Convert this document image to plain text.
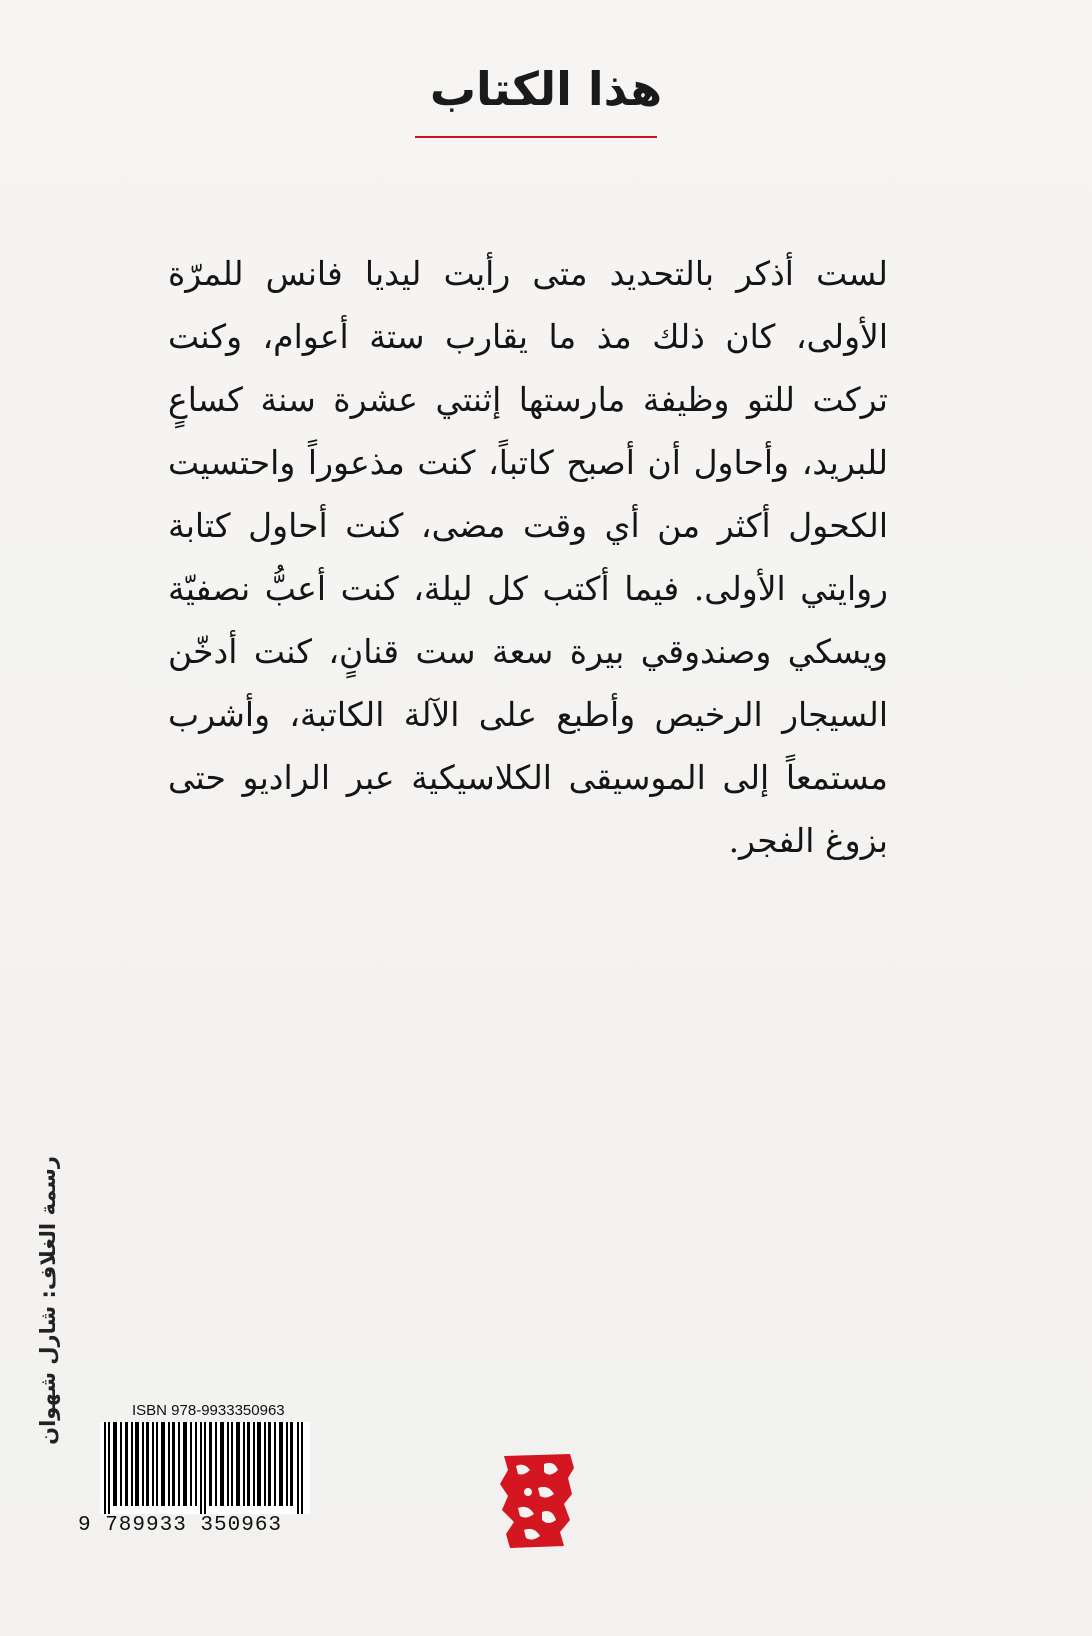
هذا الكتاب
لست أذكر بالتحديد متى رأيت ليديا فانس للمرّة الأولى، كان ذلك مذ ما يقارب ستة أعوام، وكنت تركت للتو وظيفة مارستها إثنتي عشرة سنة كساعٍ للبريد، وأحاول أن أصبح كاتباً، كنت مذعوراً واحتسيت الكحول أكثر من أي وقت مضى، كنت أحاول كتابة روايتي الأولى. فيما أكتب كل ليلة، كنت أعبُّ نصفيّة ويسكي وصندوقي بيرة سعة ست قنانٍ، كنت أدخّن السيجار الرخيص وأطبع على الآلة الكاتبة، وأشرب مستمعاً إلى الموسيقى الكلاسيكية عبر الراديو حتى بزوغ الفجر.
رسمة الغلاف: شارل شهوان	ISBN 978-9933350963
9 789933 350963
